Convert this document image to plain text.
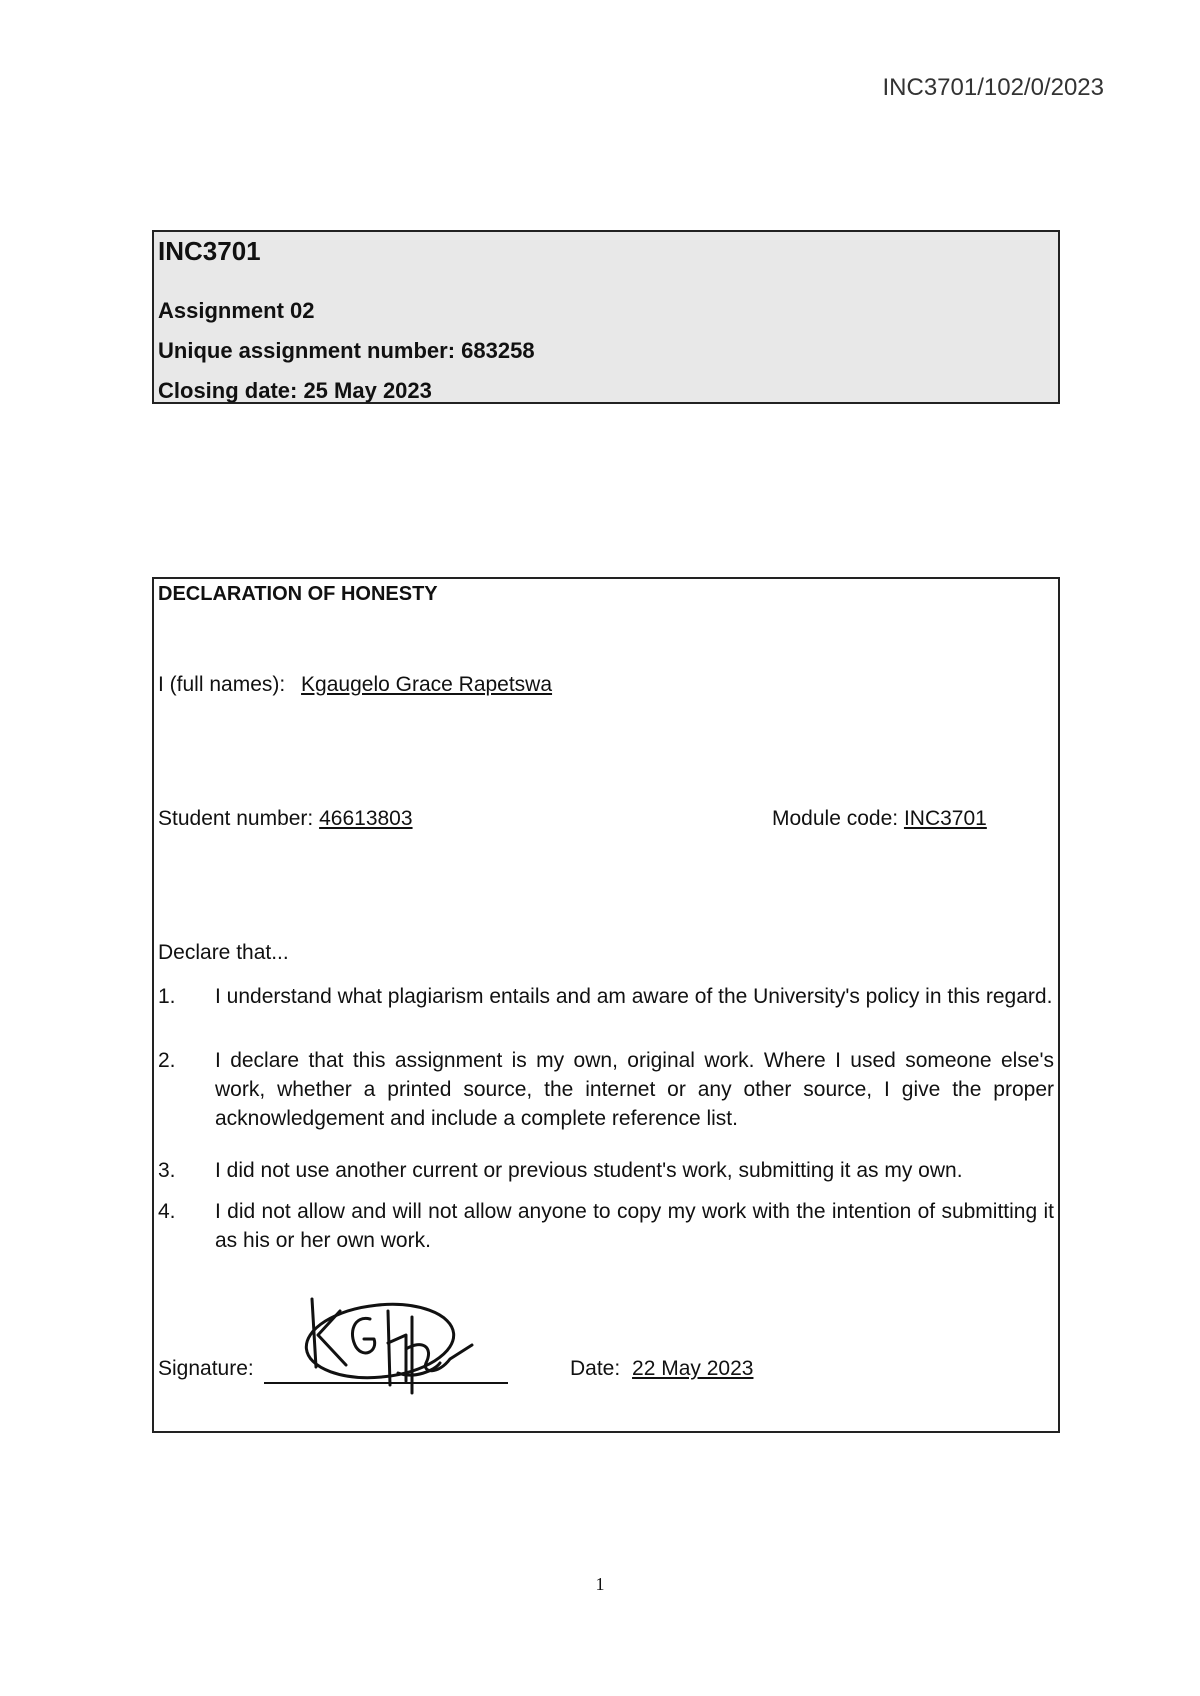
INC3701/102/0/2023
INC3701
Assignment 02
Unique assignment number: 683258
Closing date: 25 May 2023
DECLARATION OF HONESTY
I (full names): Kgaugelo Grace Rapetswa
Student number: 46613803	Module code: INC3701
Declare that...
1. I understand what plagiarism entails and am aware of the University's policy in this regard.
2. I declare that this assignment is my own, original work. Where I used someone else's work, whether a printed source, the internet or any other source, I give the proper acknowledgement and include a complete reference list.
3. I did not use another current or previous student's work, submitting it as my own.
4. I did not allow and will not allow anyone to copy my work with the intention of submitting it as his or her own work.
Signature:	Date: 22 May 2023
1
